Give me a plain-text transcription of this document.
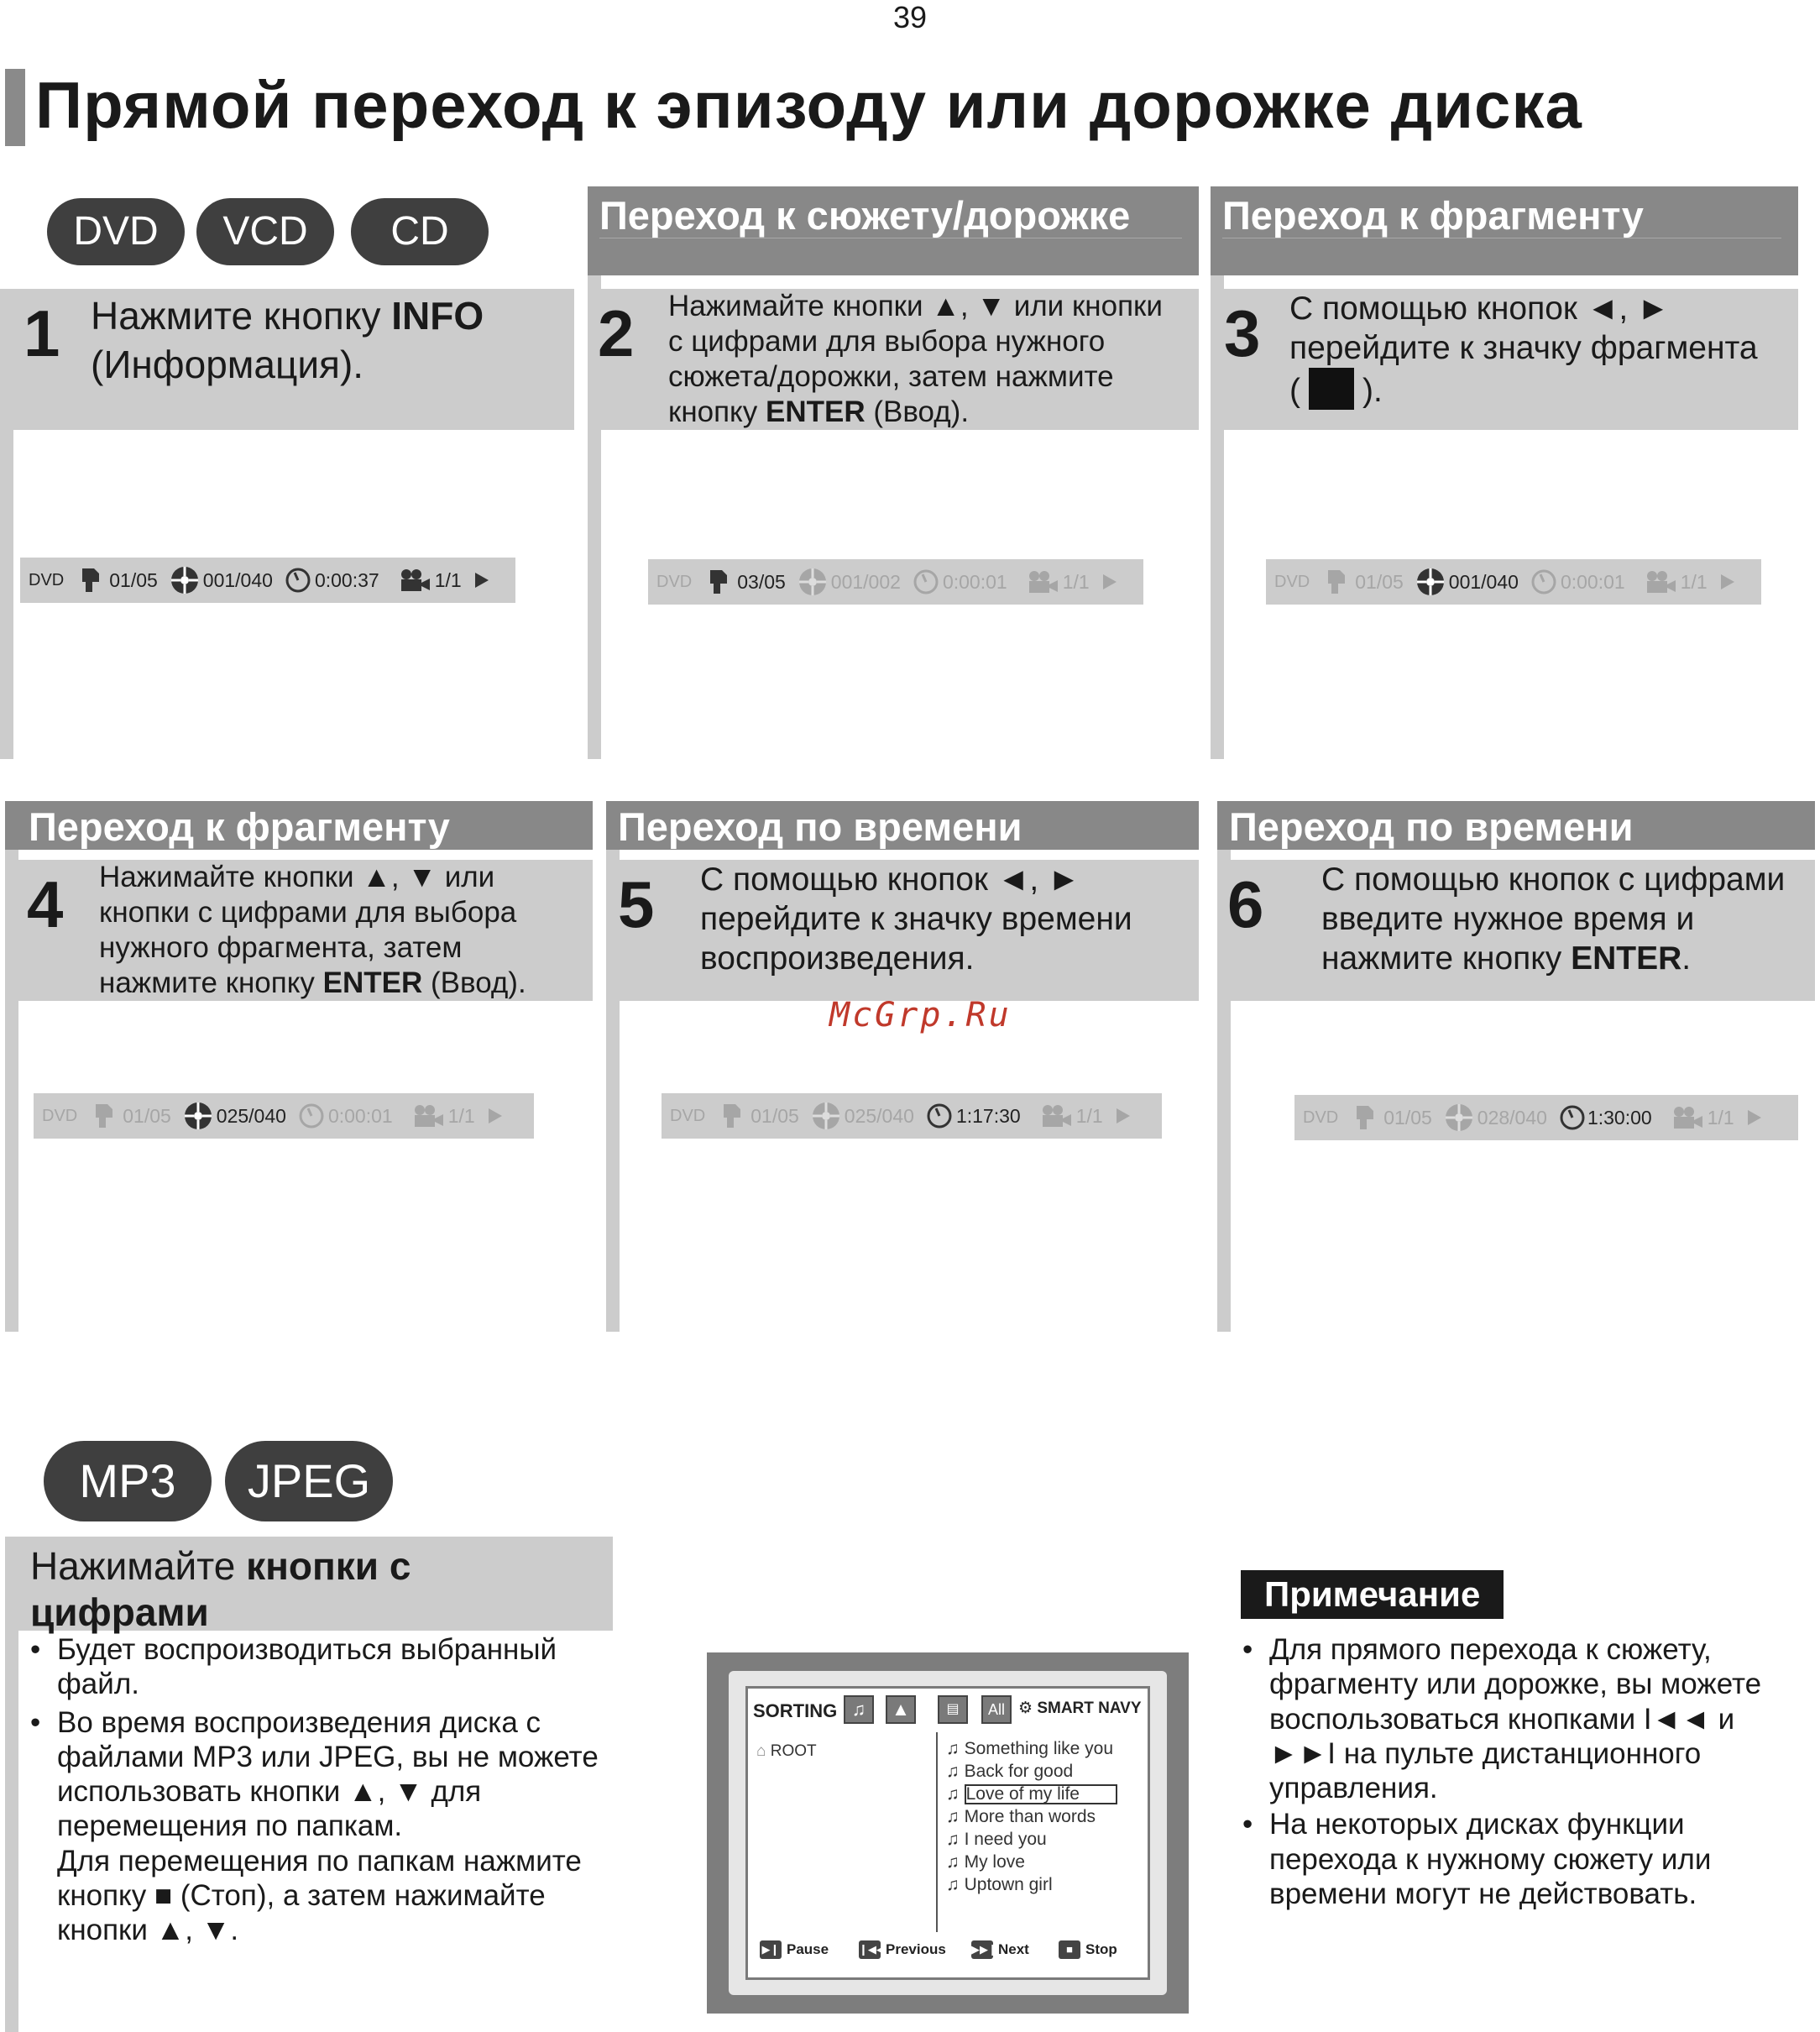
39
Прямой переход к эпизоду или дорожке диска
DVD	VCD	CD
1 Нажмите кнопку INFO
(Информация).
DVD 01/05 001/040 0:00:37	1/1
Переход к сюжету/дорожке
2 Нажимайте кнопки ▲, ▼ или кнопки
с цифрами для выбора нужного
сюжета/дорожки, затем нажмите
кнопку ENTER (Ввод).
DVD 03/05 001/002 0:00:01	1/1
Переход к фрагменту
3 С помощью кнопок ◄, ►
перейдите к значку фрагмента
( ).
DVD 01/05 001/040 0:00:01	1/1
Переход к фрагменту
4 Нажимайте кнопки ▲, ▼ или
кнопки с цифрами для выбора
нужного фрагмента, затем
нажмите кнопку ENTER (Ввод).
DVD 01/05 025/040 0:00:01	1/1
Переход по времени
5 С помощью кнопок ◄, ►
перейдите к значку времени
воспроизведения.
McGrp.Ru
DVD 01/05 025/040 1:17:30	1/1
Переход по времени
6 С помощью кнопок с цифрами
введите нужное время и
нажмите кнопку ENTER.
DVD 01/05 028/040 1:30:00	1/1
MP3	JPEG
Нажимайте кнопки с
цифрами
• Будет воспроизводиться выбранный
файл.
• Во время воспроизведения диска с
файлами MP3 или JPEG, вы не можете
использовать кнопки ▲, ▼ для
перемещения по папкам.
Для перемещения по папкам нажмите
кнопку ■ (Стоп), а затем нажимайте
кнопки ▲, ▼.
SORTING ♫	▲	▤	All ⚙ SMART NAVY
⌂ ROOT	♫ Something like you
♫ Back for good
♫ Love of my life
♫ More than words
♫ I need you
♫ My love
♫ Uptown girl
▶❙ Pause	❙◀◀ Previous ▶▶❙ Next	■ Stop
Примечание
• Для прямого перехода к сюжету,
фрагменту или дорожке, вы можете
воспользоваться кнопками I◄◄ и
►►I на пульте дистанционного
управления.
• На некоторых дисках функции
перехода к нужному сюжету или
времени могут не действовать.
